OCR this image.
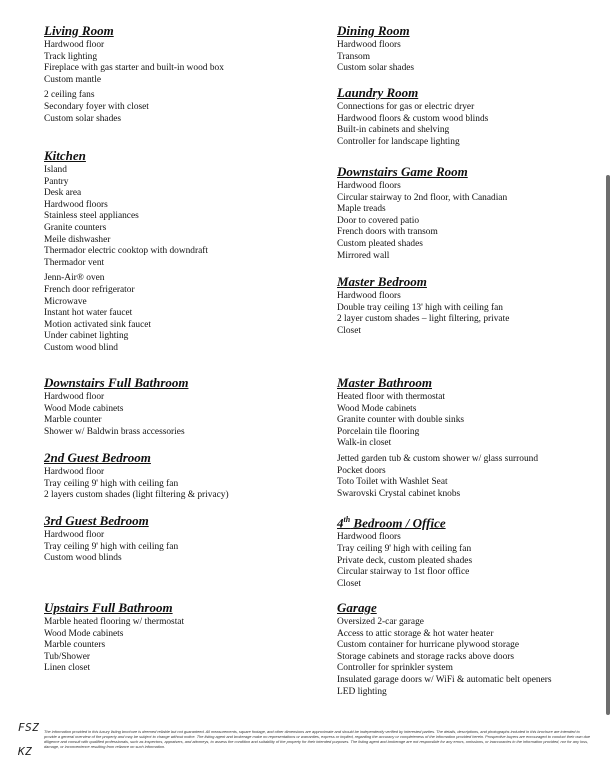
Living Room
Hardwood floor
Track lighting
Fireplace with gas starter and built-in wood box
Custom mantle
2 ceiling fans
Secondary foyer with closet
Custom solar shades
Kitchen
Island
Pantry
Desk area
Hardwood floors
Stainless steel appliances
Granite counters
Meile dishwasher
Thermador electric cooktop with downdraft
Thermador vent
Jenn-Air® oven
French door refrigerator
Microwave
Instant hot water faucet
Motion activated sink faucet
Under cabinet lighting
Custom wood blind
Downstairs Full Bathroom
Hardwood floor
Wood Mode cabinets
Marble counter
Shower w/ Baldwin brass accessories
2nd Guest Bedroom
Hardwood floor
Tray ceiling 9' high with ceiling fan
2 layers custom shades (light filtering & privacy)
3rd Guest Bedroom
Hardwood floor
Tray ceiling 9' high with ceiling fan
Custom wood blinds
Upstairs Full Bathroom
Marble heated flooring w/ thermostat
Wood Mode cabinets
Marble counters
Tub/Shower
Linen closet
Dining Room
Hardwood floors
Transom
Custom solar shades
Laundry Room
Connections for gas or electric dryer
Hardwood floors & custom wood blinds
Built-in cabinets and shelving
Controller for landscape lighting
Downstairs Game Room
Hardwood floors
Circular stairway to 2nd floor, with Canadian
Maple treads
Door to covered patio
French doors with transom
Custom pleated shades
Mirrored wall
Master Bedroom
Hardwood floors
Double tray ceiling 13' high with ceiling fan
2 layer custom shades – light filtering, private
Closet
Master Bathroom
Heated floor with thermostat
Wood Mode cabinets
Granite counter with double sinks
Porcelain tile flooring
Walk-in closet
Jetted garden tub & custom shower w/ glass surround
Pocket doors
Toto Toilet with Washlet Seat
Swarovski Crystal cabinet knobs
4th Bedroom / Office
Hardwood floors
Tray ceiling 9' high with ceiling fan
Private deck, custom pleated shades
Circular stairway to 1st floor office
Closet
Garage
Oversized 2-car garage
Access to attic storage & hot water heater
Custom container for hurricane plywood storage
Storage cabinets and storage racks above doors
Controller for sprinkler system
Insulated garage doors w/ WiFi & automatic belt openers
LED lighting
FSZ
KZ

The information provided in this luxury listing brochure is deemed reliable but not guaranteed. All measurements, square footage, and other dimensions are approximate and should be independently verified by interested parties. The details, descriptions, and photographs included in this brochure are intended to provide a general overview of the property and may be subject to change without notice. The listing agent and brokerage make no representations or warranties, express or implied, regarding the accuracy or completeness of the information provided herein. Prospective buyers are encouraged to conduct their own due diligence and consult with qualified professionals, such as inspectors, appraisers, and attorneys, to assess the condition and suitability of the property for their intended purposes. The listing agent and brokerage are not responsible for any errors, omissions, or inaccuracies in the information provided, nor for any loss, damage, or inconvenience resulting from reliance on such information.
